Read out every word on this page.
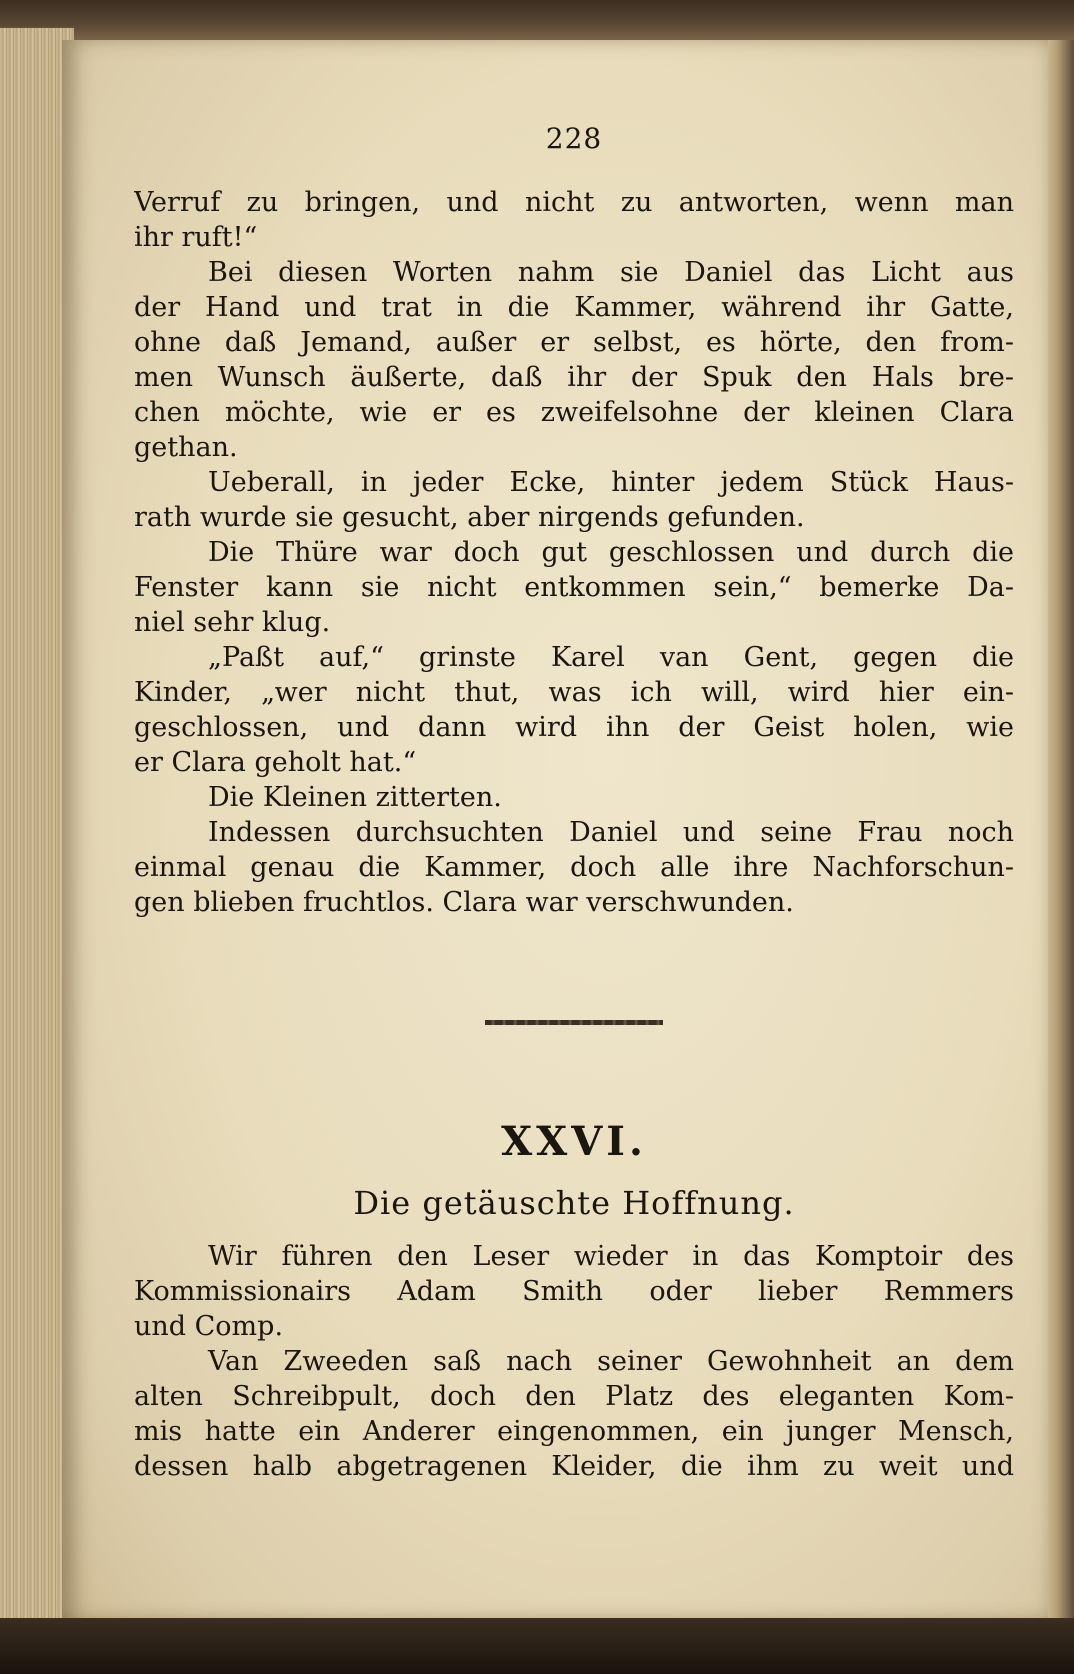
228
Verruf zu bringen, und nicht zu antworten, wenn man
ihr ruft!“
Bei diesen Worten nahm sie Daniel das Licht aus
der Hand und trat in die Kammer, während ihr Gatte,
ohne daß Jemand, außer er selbst, es hörte, den from-
men Wunsch äußerte, daß ihr der Spuk den Hals bre-
chen möchte, wie er es zweifelsohne der kleinen Clara
gethan.
Ueberall, in jeder Ecke, hinter jedem Stück Haus-
rath wurde sie gesucht, aber nirgends gefunden.
Die Thüre war doch gut geschlossen und durch die
Fenster kann sie nicht entkommen sein,“ bemerke Da-
niel sehr klug.
„Paßt auf,“ grinste Karel van Gent, gegen die
Kinder, „wer nicht thut, was ich will, wird hier ein-
geschlossen, und dann wird ihn der Geist holen, wie
er Clara geholt hat.“
Die Kleinen zitterten.
Indessen durchsuchten Daniel und seine Frau noch
einmal genau die Kammer, doch alle ihre Nachforschun-
gen blieben fruchtlos. Clara war verschwunden.
XXVI.
Die getäuschte Hoffnung.
Wir führen den Leser wieder in das Komptoir des
Kommissionairs Adam Smith oder lieber Remmers
und Comp.
Van Zweeden saß nach seiner Gewohnheit an dem
alten Schreibpult, doch den Platz des eleganten Kom-
mis hatte ein Anderer eingenommen, ein junger Mensch,
dessen halb abgetragenen Kleider, die ihm zu weit und
